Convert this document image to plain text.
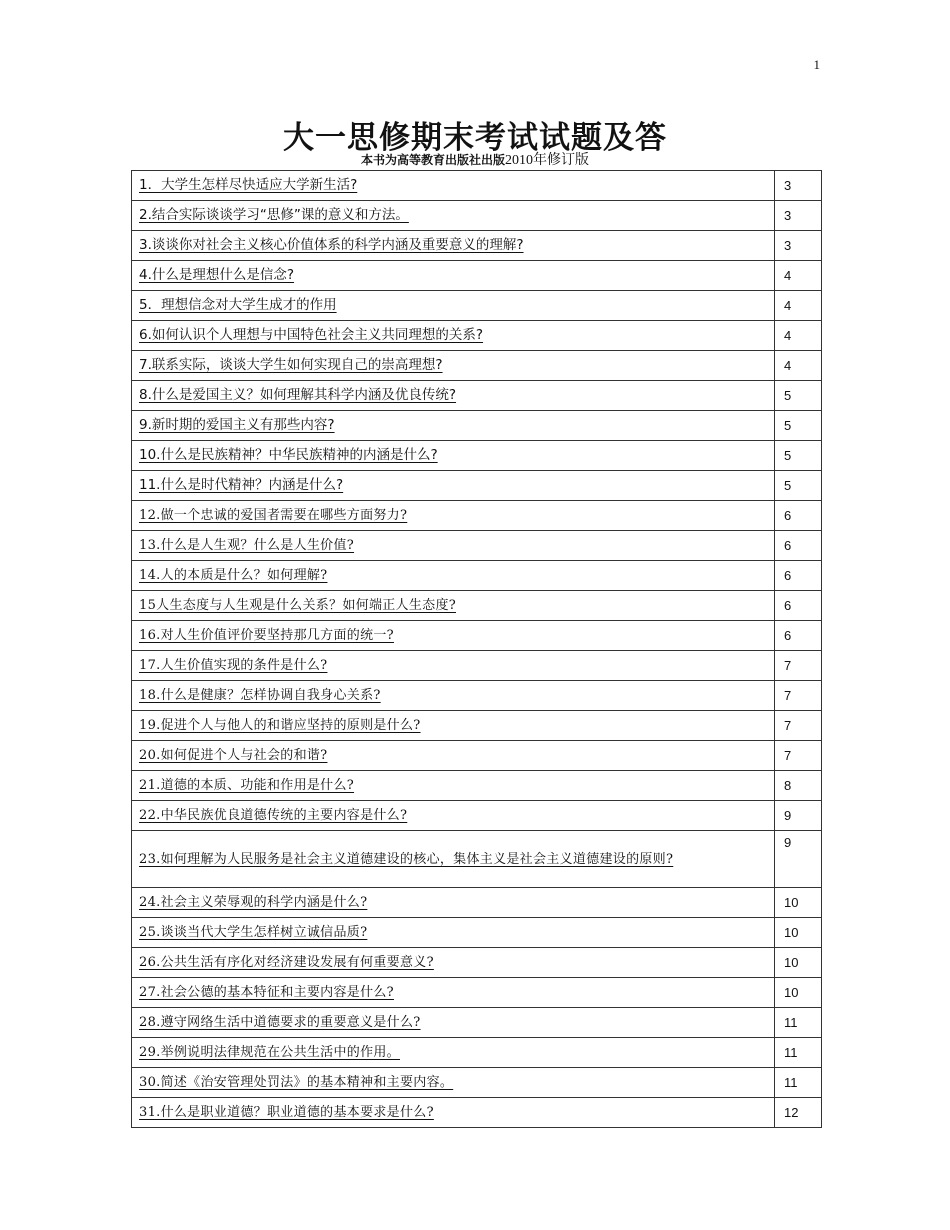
1
大一思修期末考试试题及答
本书为高等教育出版社出版2010年修订版
1．大学生怎样尽快适应大学新生活?	3
2.结合实际谈谈学习“思修”课的意义和方法。	3
3.谈谈你对社会主义核心价值体系的科学内涵及重要意义的理解?	3
4.什么是理想什么是信念?	4
5．理想信念对大学生成才的作用	4
6.如何认识个人理想与中国特色社会主义共同理想的关系?	4
7.联系实际，谈谈大学生如何实现自己的崇高理想?	4
8.什么是爱国主义？如何理解其科学内涵及优良传统?	5
9.新时期的爱国主义有那些内容?	5
10.什么是民族精神？中华民族精神的内涵是什么?	5
11.什么是时代精神？内涵是什么?	5
12.做一个忠诚的爱国者需要在哪些方面努力?	6
13.什么是人生观？什么是人生价值?	6
14.人的本质是什么？如何理解?	6
15人生态度与人生观是什么关系？如何端正人生态度?	6
16.对人生价值评价要坚持那几方面的统一?	6
17.人生价值实现的条件是什么?	7
18.什么是健康？怎样协调自我身心关系?	7
19.促进个人与他人的和谐应坚持的原则是什么?	7
20.如何促进个人与社会的和谐?	7
21.道德的本质、功能和作用是什么?	8
22.中华民族优良道德传统的主要内容是什么?	9
23.如何理解为人民服务是社会主义道德建设的核心，集体主义是社会主义道德建设的原则?	9
24.社会主义荣辱观的科学内涵是什么?	10
25.谈谈当代大学生怎样树立诚信品质?	10
26.公共生活有序化对经济建设发展有何重要意义?	10
27.社会公德的基本特征和主要内容是什么?	10
28.遵守网络生活中道德要求的重要意义是什么?	11
29.举例说明法律规范在公共生活中的作用。	11
30.简述《治安管理处罚法》的基本精神和主要内容。	11
31.什么是职业道德？职业道德的基本要求是什么?	12
